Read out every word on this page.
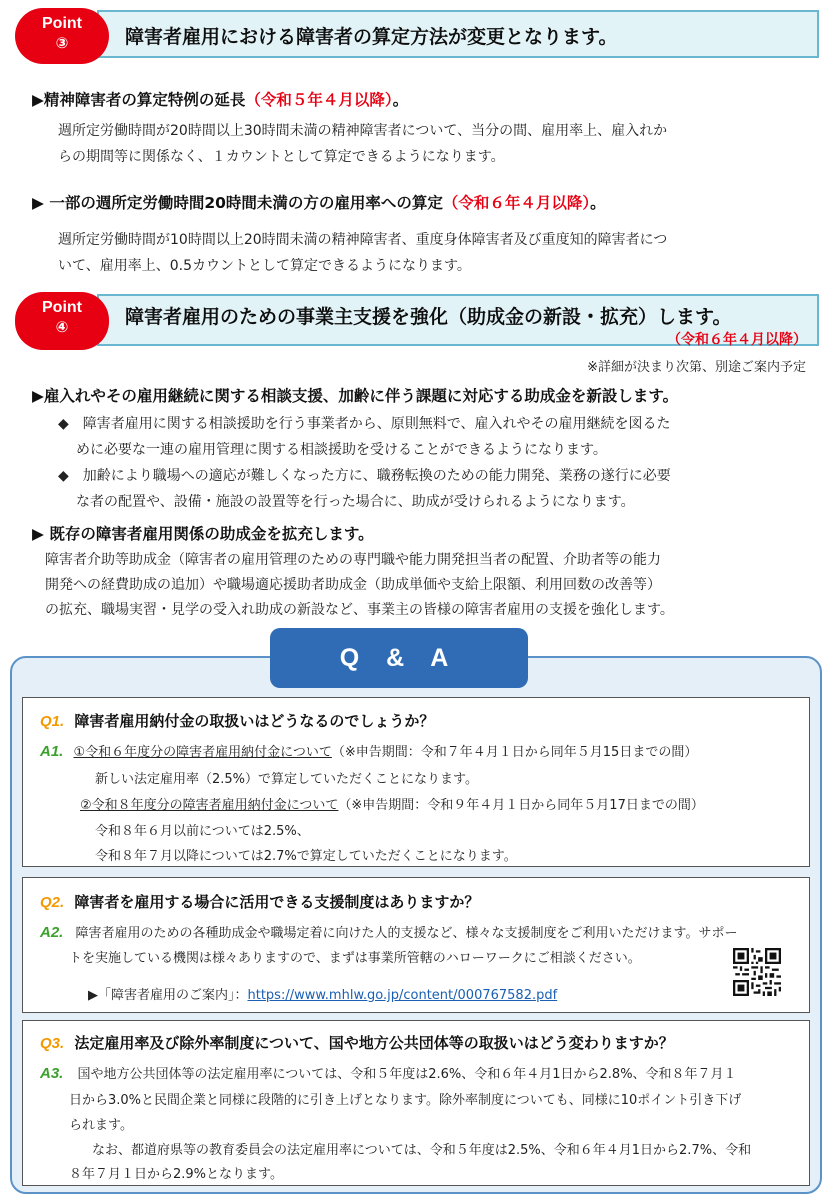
Point
③	障害者雇用における障害者の算定方法が変更となります。
▶精神障害者の算定特例の延長（令和５年４月以降）。
週所定労働時間が20時間以上30時間未満の精神障害者について、当分の間、雇用率上、雇入れか
らの期間等に関係なく、１カウントとして算定できるようになります。
▶ 一部の週所定労働時間20時間未満の方の雇用率への算定（令和６年４月以降）。
週所定労働時間が10時間以上20時間未満の精神障害者、重度身体障害者及び重度知的障害者につ
いて、雇用率上、0.5カウントとして算定できるようになります。
Point
④	障害者雇用のための事業主支援を強化（助成金の新設・拡充）します。
（令和６年４月以降）
※詳細が決まり次第、別途ご案内予定
▶雇入れやその雇用継続に関する相談支援、加齢に伴う課題に対応する助成金を新設します。
◆　障害者雇用に関する相談援助を行う事業者から、原則無料で、雇入れやその雇用継続を図るた
めに必要な一連の雇用管理に関する相談援助を受けることができるようになります。
◆　加齢により職場への適応が難しくなった方に、職務転換のための能力開発、業務の遂行に必要
な者の配置や、設備・施設の設置等を行った場合に、助成が受けられるようになります。
▶ 既存の障害者雇用関係の助成金を拡充します。
障害者介助等助成金（障害者の雇用管理のための専門職や能力開発担当者の配置、介助者等の能力
開発への経費助成の追加）や職場適応援助者助成金（助成単価や支給上限額、利用回数の改善等）
の拡充、職場実習・見学の受入れ助成の新設など、事業主の皆様の障害者雇用の支援を強化します。
Q & A
Q1. 障害者雇用納付金の取扱いはどうなるのでしょうか？
A1. ①令和６年度分の障害者雇用納付金について（※申告期間：令和７年４月１日から同年５月15日までの間）
新しい法定雇用率（2.5%）で算定していただくことになります。
②令和８年度分の障害者雇用納付金について（※申告期間：令和９年４月１日から同年５月17日までの間）
令和８年６月以前については2.5%、
令和８年７月以降については2.7%で算定していただくことになります。
Q2. 障害者を雇用する場合に活用できる支援制度はありますか？
A2. 障害者雇用のための各種助成金や職場定着に向けた人的支援など、様々な支援制度をご利用いただけます。サポー
トを実施している機関は様々ありますので、まずは事業所管轄のハローワークにご相談ください。
▶「障害者雇用のご案内」：https://www.mhlw.go.jp/content/000767582.pdf
Q3. 法定雇用率及び除外率制度について、国や地方公共団体等の取扱いはどう変わりますか？
A3. 国や地方公共団体等の法定雇用率については、令和５年度は2.6%、令和６年４月1日から2.8%、令和８年７月１
日から3.0%と民間企業と同様に段階的に引き上げとなります。除外率制度についても、同様に10ポイント引き下げ
られます。
なお、都道府県等の教育委員会の法定雇用率については、令和５年度は2.5%、令和６年４月1日から2.7%、令和
８年７月１日から2.9%となります。
